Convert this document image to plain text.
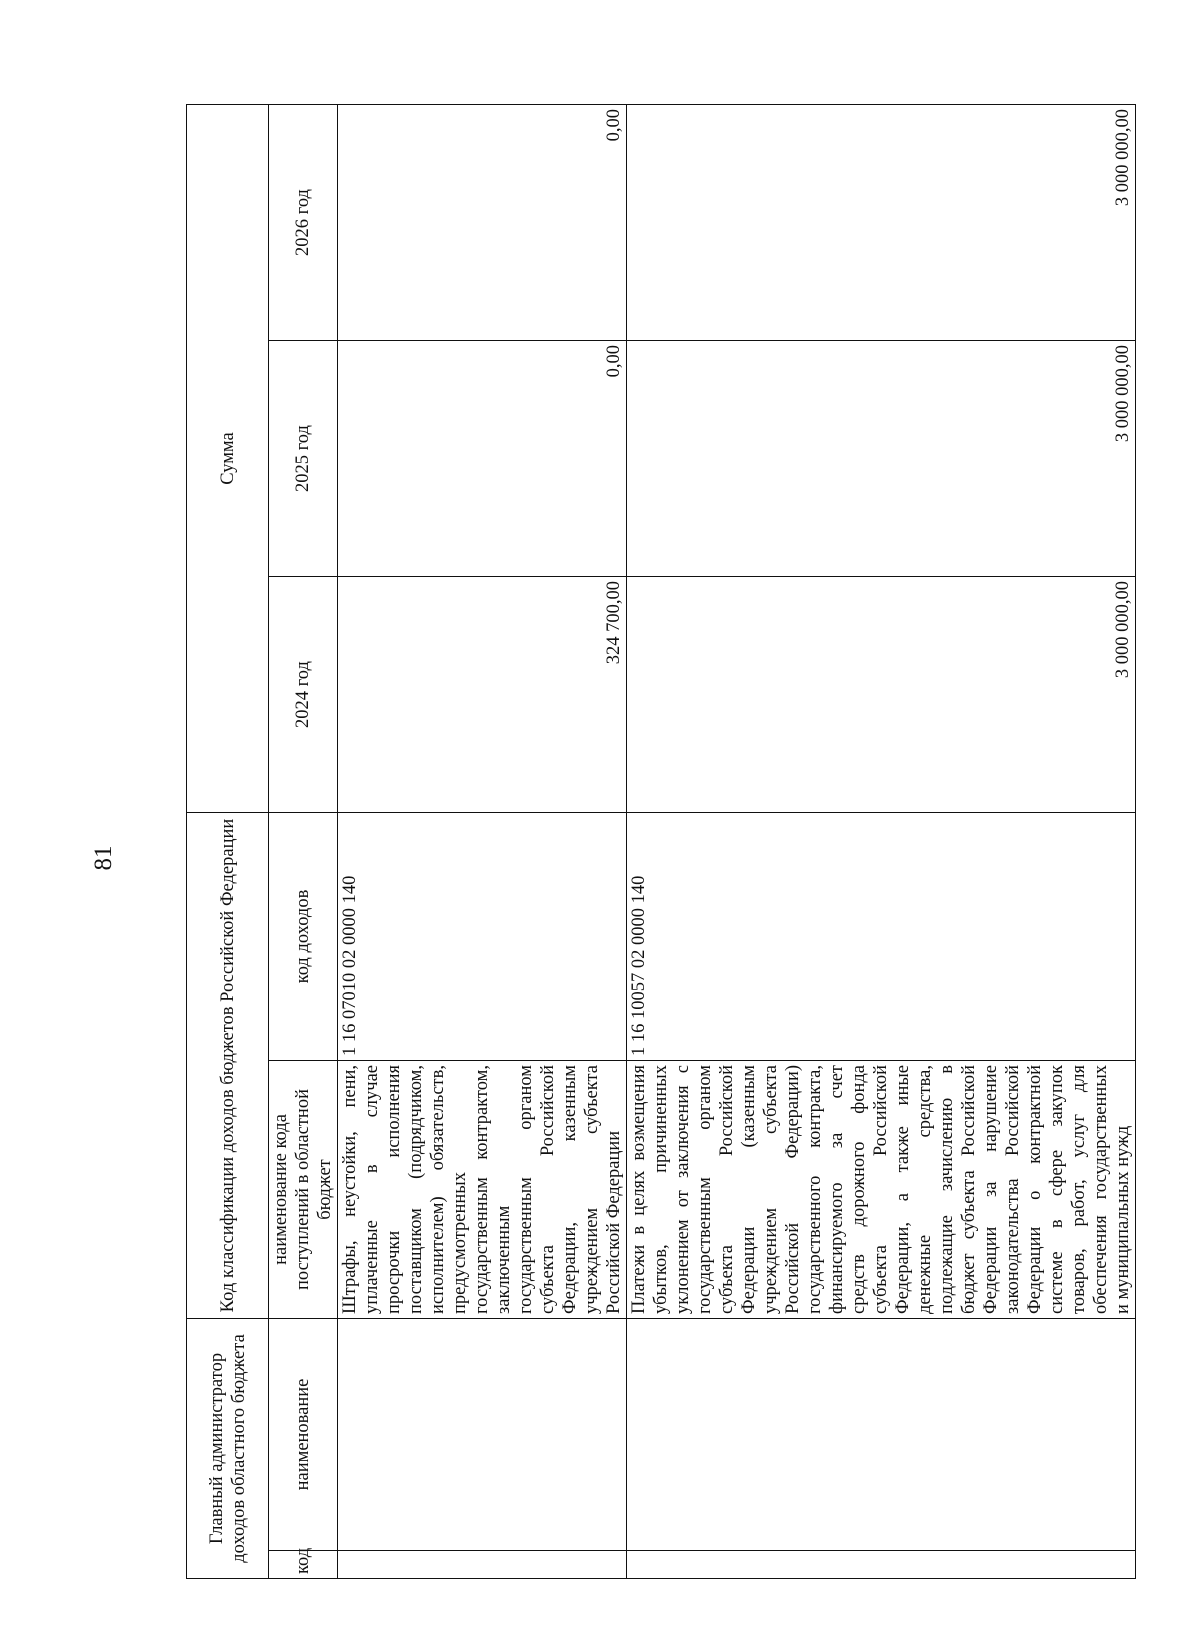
81
Главный администратор доходов областного бюджета		Код классификации доходов бюджетов Российской Федерации		Сумма		
код	наименование	наименование кода поступлений в областной бюджет	код доходов	2024 год	2025 год	2026 год
		Штрафы, неустойки, пени, уплаченные в случае просрочки исполнения поставщиком (подрядчиком, исполнителем) обязательств, предусмотренных государственным контрактом, заключенным государственным органом субъекта Российской Федерации, казенным учреждением субъекта Российской Федерации	1 16 07010 02 0000 140	324 700,00	0,00	0,00
		Платежи в целях возмещения убытков, причиненных уклонением от заключения с государственным органом субъекта Российской Федерации (казенным учреждением субъекта Российской Федерации) государственного контракта, финансируемого за счет средств дорожного фонда субъекта Российской Федерации, а также иные денежные средства, подлежащие зачислению в бюджет субъекта Российской Федерации за нарушение законодательства Российской Федерации о контрактной системе в сфере закупок товаров, работ, услуг для обеспечения государственных и муниципальных нужд	1 16 10057 02 0000 140	3 000 000,00	3 000 000,00	3 000 000,00
